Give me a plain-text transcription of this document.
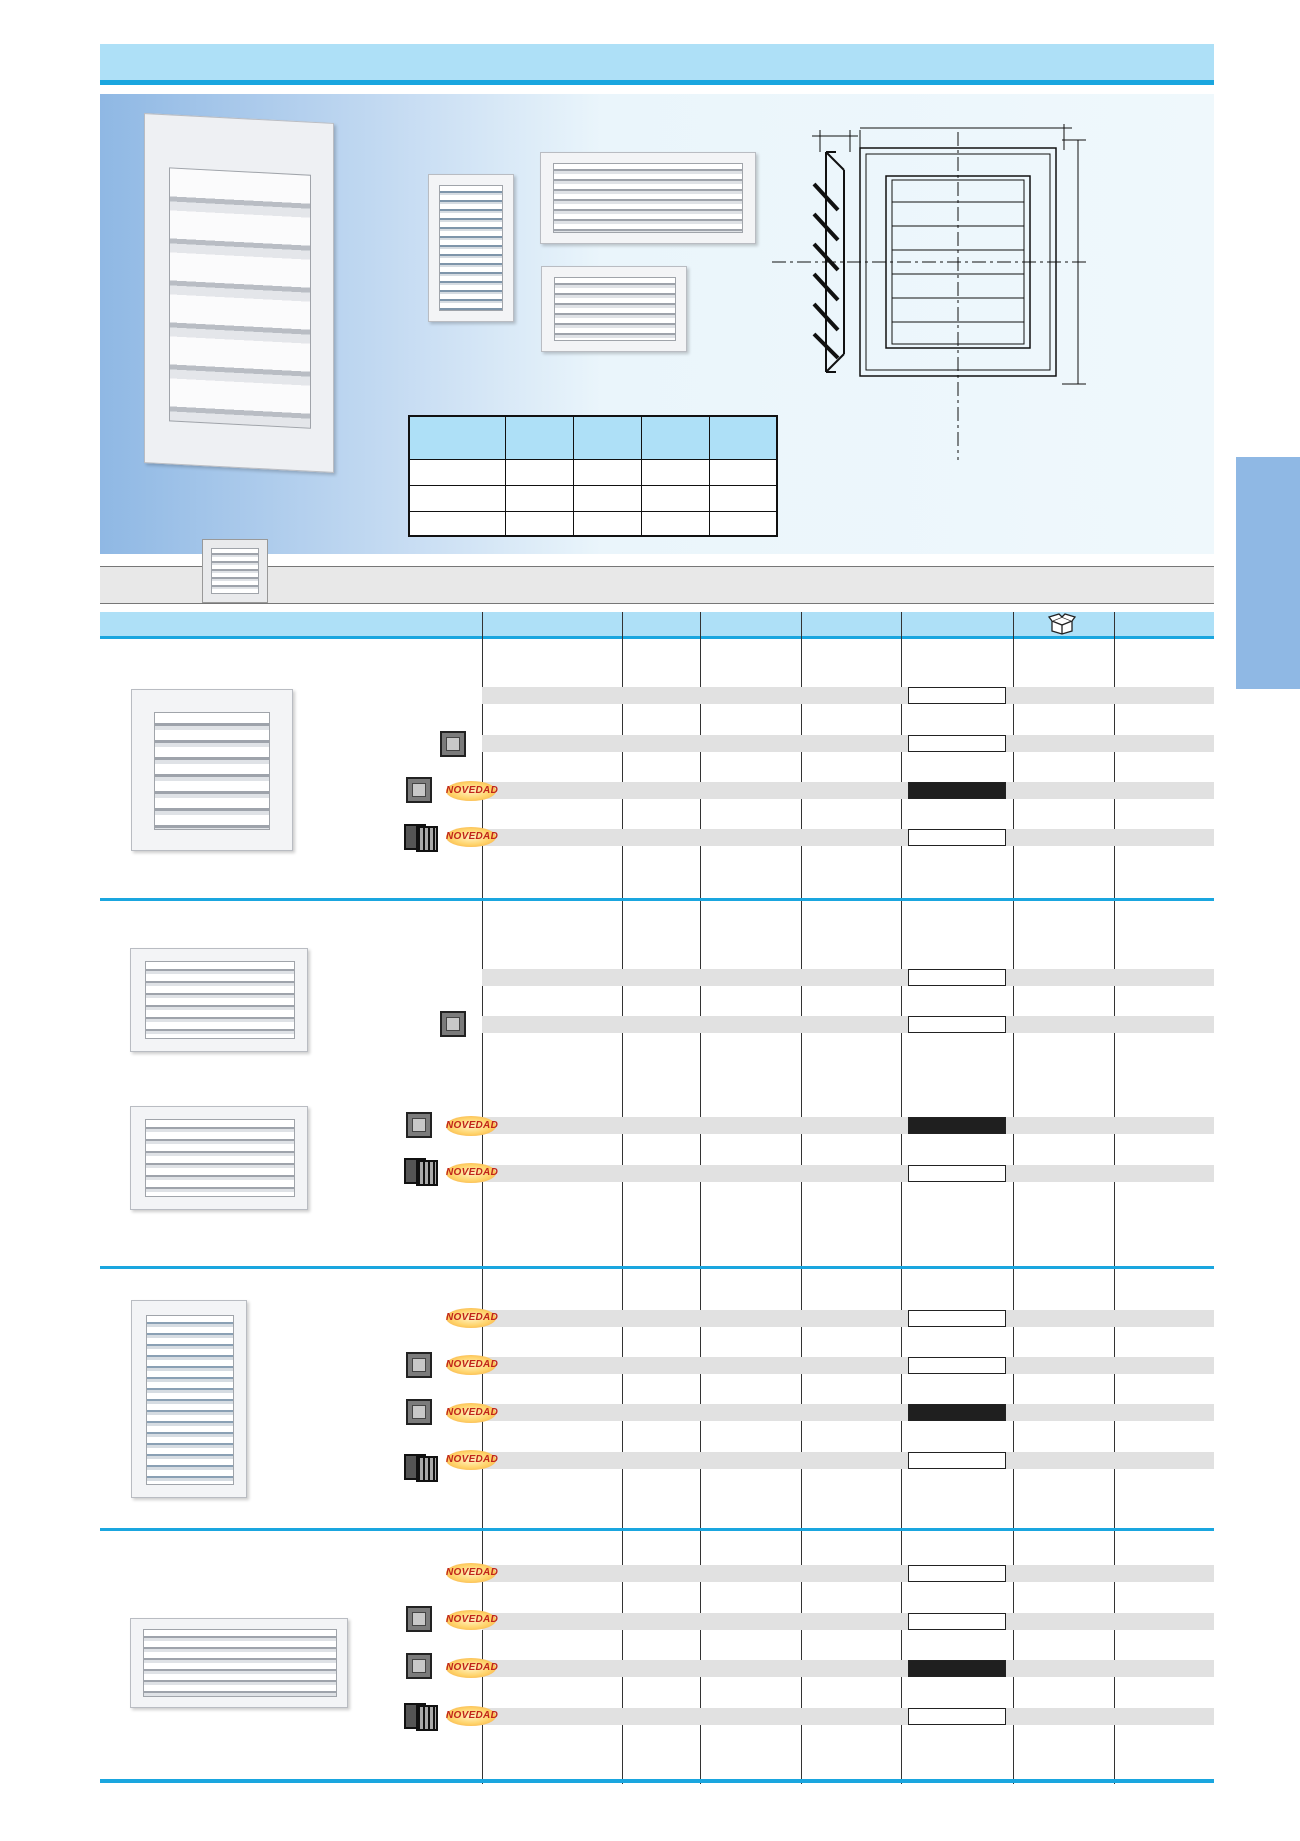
NOVEDAD
NOVEDAD
NOVEDAD
NOVEDAD
NOVEDAD
NOVEDAD
NOVEDAD
NOVEDAD
NOVEDAD
NOVEDAD
NOVEDAD
NOVEDAD
